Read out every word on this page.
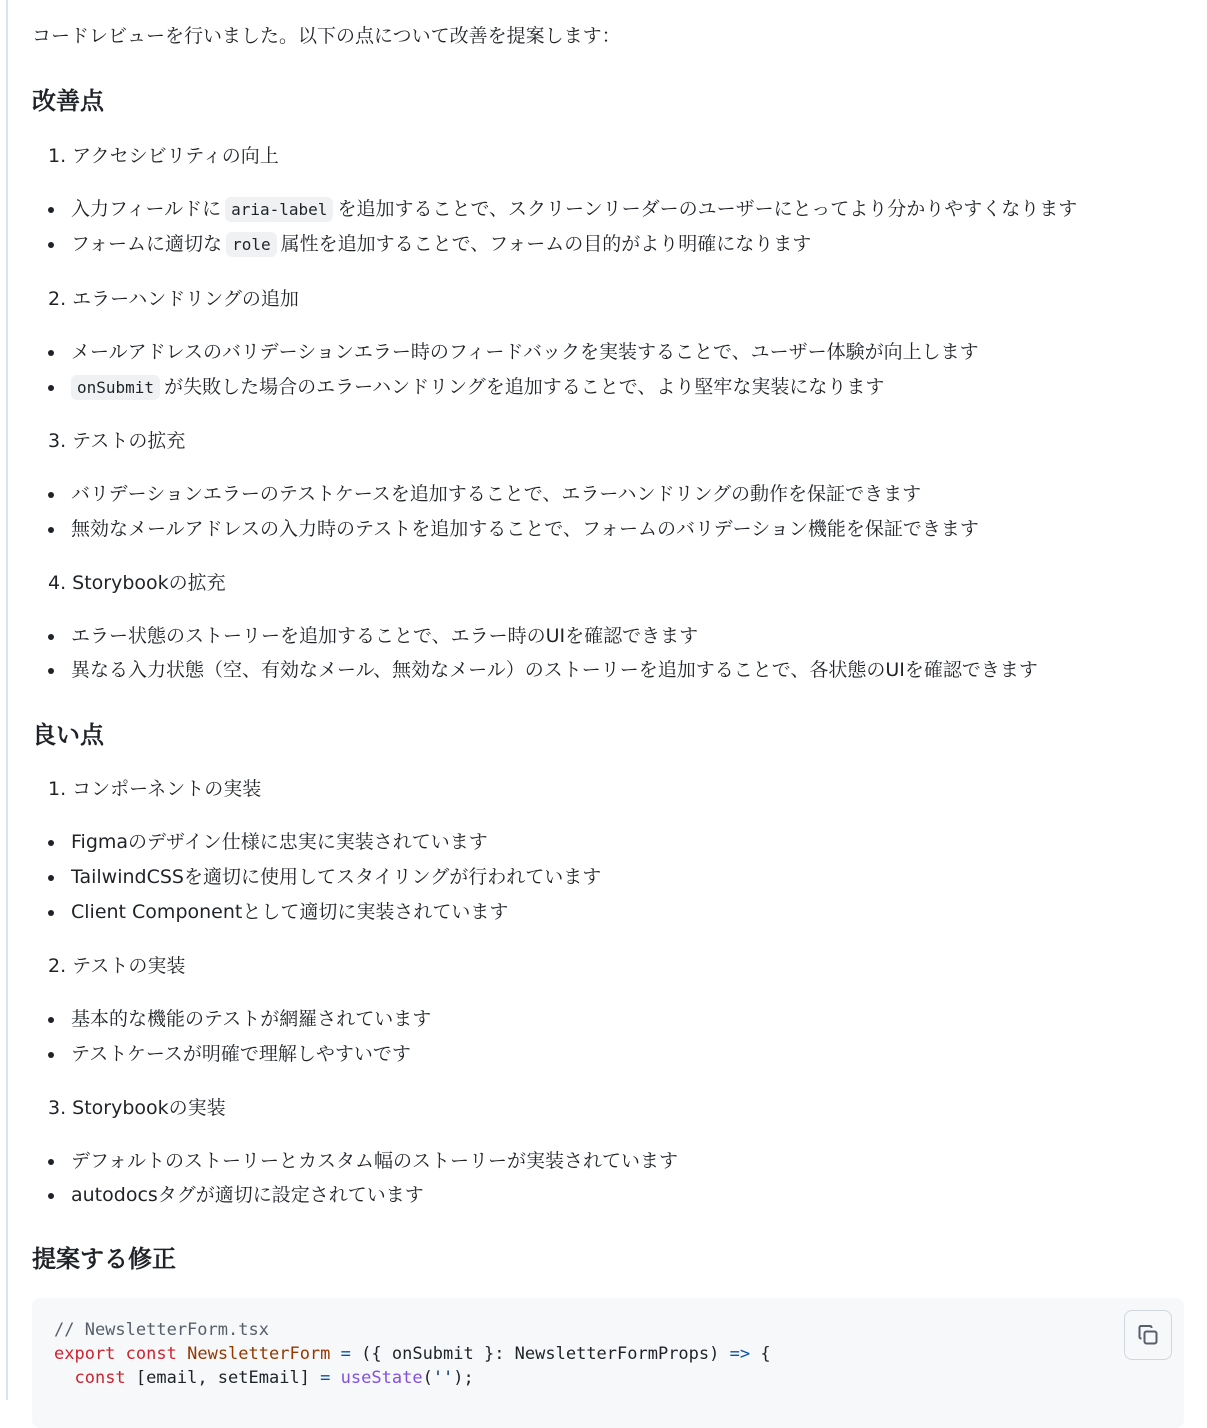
コードレビューを行いました。以下の点について改善を提案します：
改善点
1. アクセシビリティの向上
入力フィールドに aria-label を追加することで、スクリーンリーダーのユーザーにとってより分かりやすくなります
フォームに適切な role 属性を追加することで、フォームの目的がより明確になります
2. エラーハンドリングの追加
メールアドレスのバリデーションエラー時のフィードバックを実装することで、ユーザー体験が向上します
onSubmit が失敗した場合のエラーハンドリングを追加することで、より堅牢な実装になります
3. テストの拡充
バリデーションエラーのテストケースを追加することで、エラーハンドリングの動作を保証できます
無効なメールアドレスの入力時のテストを追加することで、フォームのバリデーション機能を保証できます
4. Storybookの拡充
エラー状態のストーリーを追加することで、エラー時のUIを確認できます
異なる入力状態（空、有効なメール、無効なメール）のストーリーを追加することで、各状態のUIを確認できます
良い点
1. コンポーネントの実装
Figmaのデザイン仕様に忠実に実装されています
TailwindCSSを適切に使用してスタイリングが行われています
Client Componentとして適切に実装されています
2. テストの実装
基本的な機能のテストが網羅されています
テストケースが明確で理解しやすいです
3. Storybookの実装
デフォルトのストーリーとカスタム幅のストーリーが実装されています
autodocsタグが適切に設定されています
提案する修正
// NewsletterForm.tsx
export const NewsletterForm = ({ onSubmit }: NewsletterFormProps) => {
const [email, setEmail] = useState('');
